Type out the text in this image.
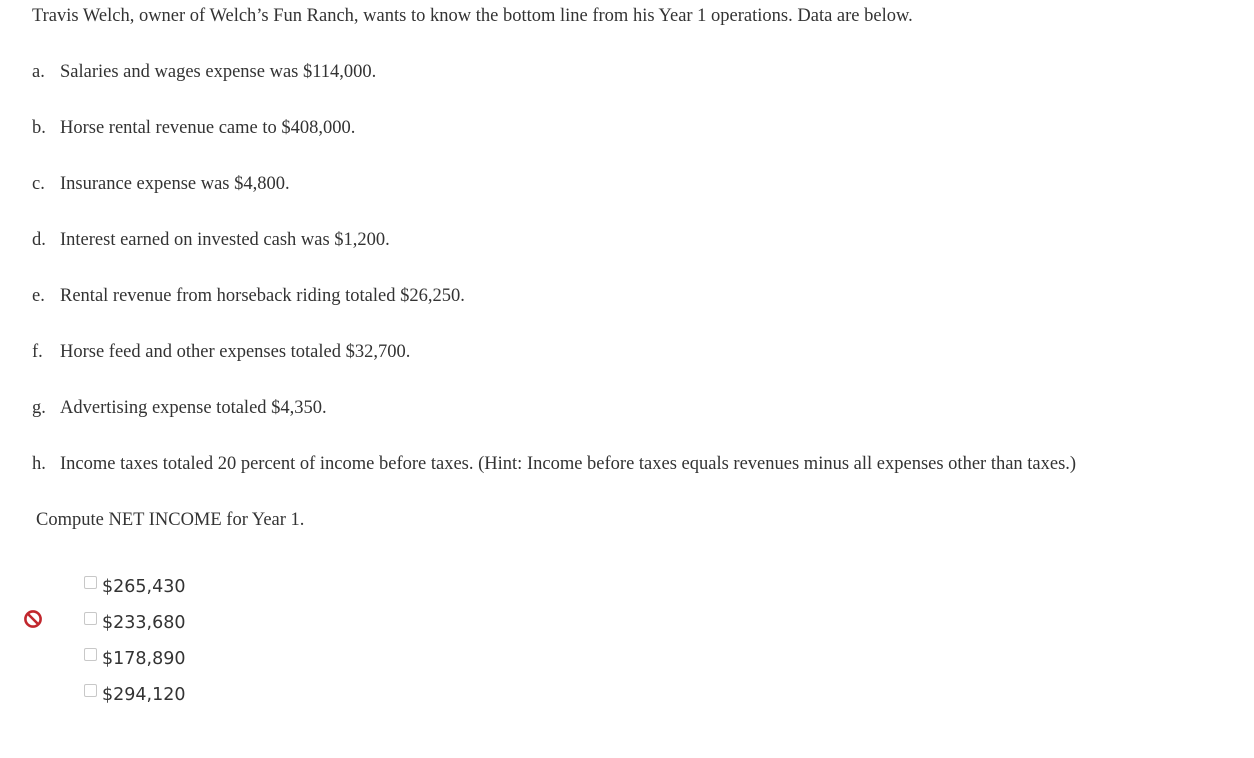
Travis Welch, owner of Welch’s Fun Ranch, wants to know the bottom line from his Year 1 operations. Data are below.
a. Salaries and wages expense was $114,000.
b. Horse rental revenue came to $408,000.
c. Insurance expense was $4,800.
d. Interest earned on invested cash was $1,200.
e. Rental revenue from horseback riding totaled $26,250.
f. Horse feed and other expenses totaled $32,700.
g. Advertising expense totaled $4,350.
h. Income taxes totaled 20 percent of income before taxes. (Hint: Income before taxes equals revenues minus all expenses other than taxes.)
Compute NET INCOME for Year 1.
$265,430
$233,680
$178,890
$294,120
